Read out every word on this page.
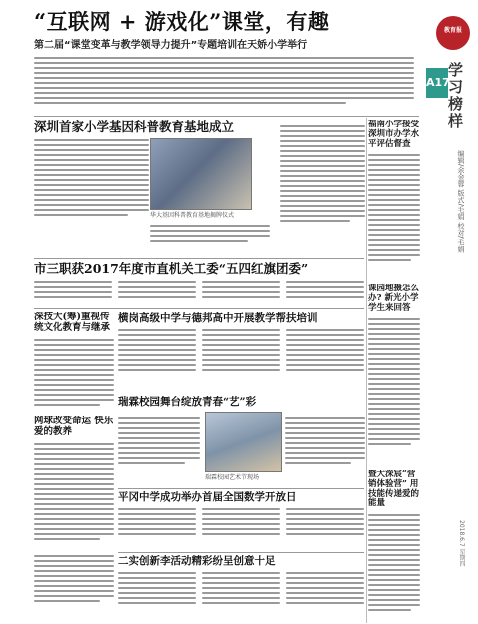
“互联网 + 游戏化”课堂，有趣
第二届“课堂变革与教学领导力提升”专题培训在天娇小学举行
深圳首家小学基因科普教育基地成立
华大基因科普教育基地揭牌仪式
福南小学接受深圳市办学水平评估督查
市三职获2017年度市直机关工委“五四红旗团委”
深技大(筹)重视传统文化教育与继承
横岗高级中学与德邦高中开展教学帮扶培训
瑞霖校园舞台绽放青春“艺”彩
瑞霖校园艺术节现场
网球改变命运 快乐爱的教养
平冈中学成功举办首届全国数学开放日
二实创新李活动精彩纷呈创意十足
课园地摄怎么办? 新光小学学生来回答
暨大深宸“营销体验营” 用技能传递爱的能量
教育报
A17
学习榜样
编辑/余金蓉 版式/毛娟 校对/毛娟
2018.6.7 星期四
